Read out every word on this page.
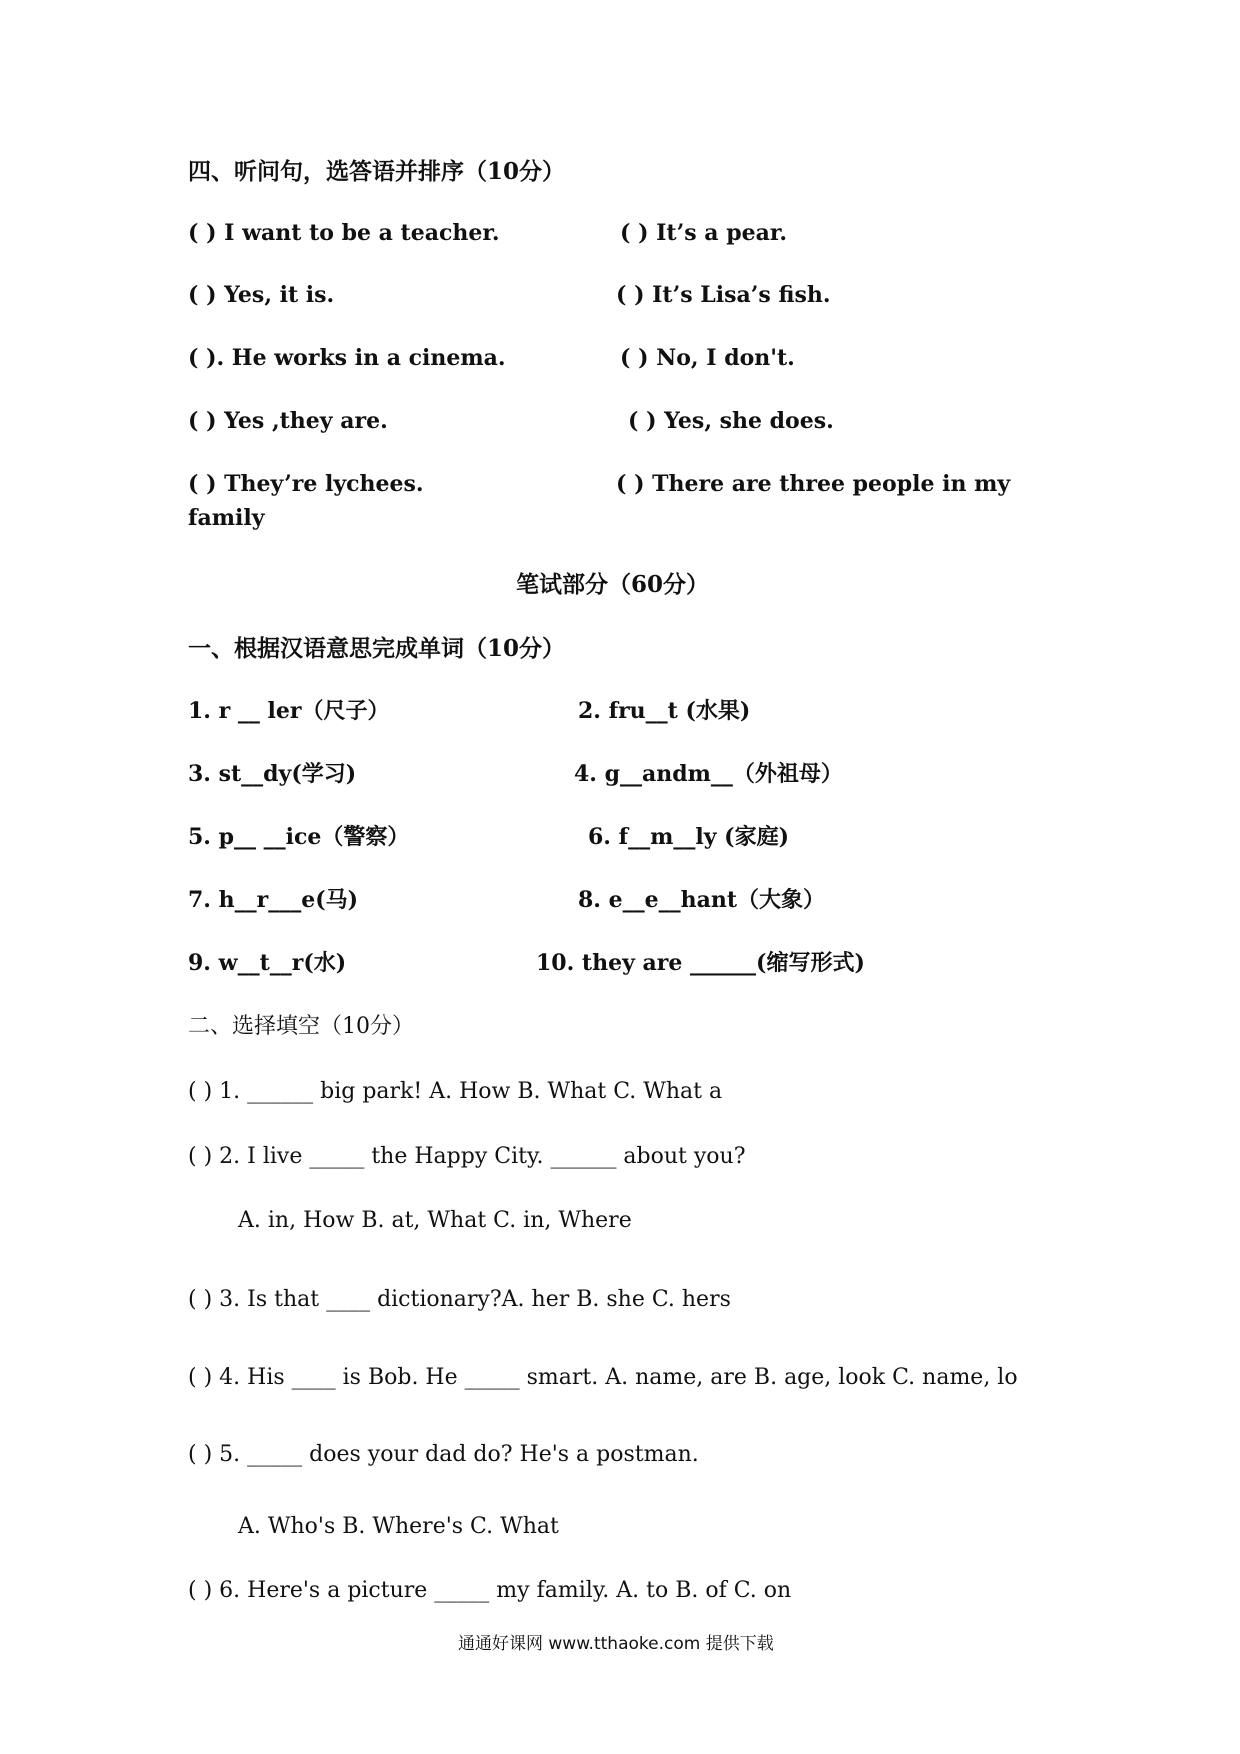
四、听问句，选答语并排序（10分）
( ) I want to be a teacher.	( ) It’s a pear.
( ) Yes, it is.	( ) It’s Lisa’s fish.
( ). He works in a cinema.	( ) No, I don't.
( ) Yes ,they are.	( ) Yes, she does.
( ) They’re lychees.	( ) There are three people in my
family
笔试部分（60分）
一、根据汉语意思完成单词（10分）
1. r __ ler（尺子）	2. fru__t (水果)
3. st__dy(学习)	4. g__andm__（外祖母）
5. p__ __ice（警察）	6. f__m__ly (家庭)
7. h__r___e(马)	8. e__e__hant（大象）
9. w__t__r(水)	10. they are ______(缩写形式)
二、选择填空（10分）
( ) 1. ______ big park! A. How B. What C. What a
( ) 2. I live _____ the Happy City. ______ about you?
A. in, How B. at, What C. in, Where
( ) 3. Is that ____ dictionary?A. her B. she C. hers
( ) 4. His ____ is Bob. He _____ smart. A. name, are B. age, look C. name, lo
( ) 5. _____ does your dad do? He's a postman.
A. Who's B. Where's C. What
( ) 6. Here's a picture _____ my family. A. to B. of C. on
通通好课网 www.tthaoke.com 提供下载
